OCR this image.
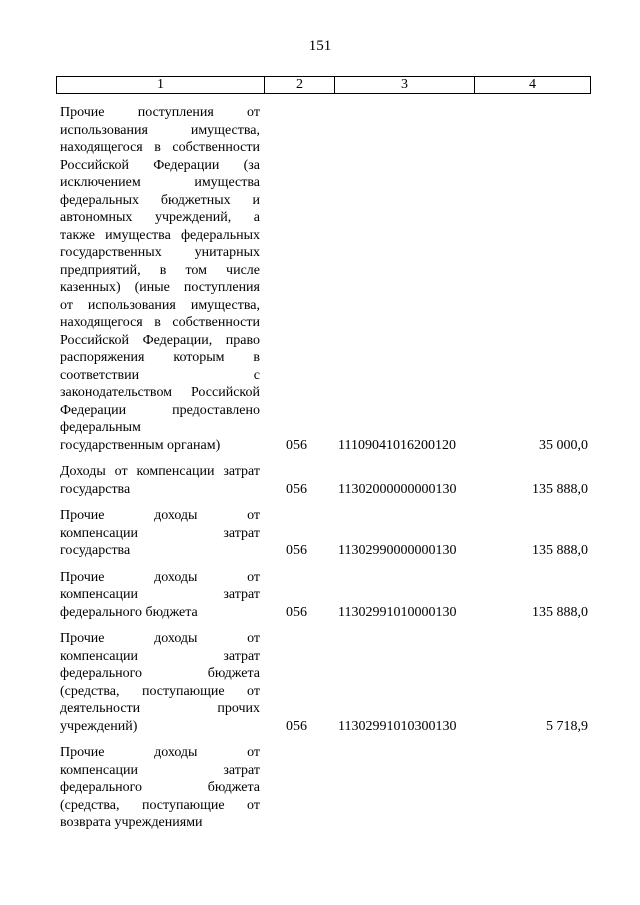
151
1	2	3	4
Прочие поступления от
использования имущества,
находящегося в собственности
Российской Федерации (за
исключением имущества
федеральных бюджетных и
автономных учреждений, а
также имущества федеральных
государственных унитарных
предприятий, в том числе
казенных) (иные поступления
от использования имущества,
находящегося в собственности
Российской Федерации, право
распоряжения которым в
соответствии с
законодательством Российской
Федерации предоставлено
федеральным
государственным органам)	056	11109041016200120	35 000,0
Доходы от компенсации затрат
государства	056	11302000000000130	135 888,0
Прочие доходы от
компенсации затрат
государства	056	11302990000000130	135 888,0
Прочие доходы от
компенсации затрат
федерального бюджета	056	11302991010000130	135 888,0
Прочие доходы от
компенсации затрат
федерального бюджета
(средства, поступающие от
деятельности прочих
учреждений)	056	11302991010300130	5 718,9
Прочие доходы от
компенсации затрат
федерального бюджета
(средства, поступающие от
возврата учреждениями
